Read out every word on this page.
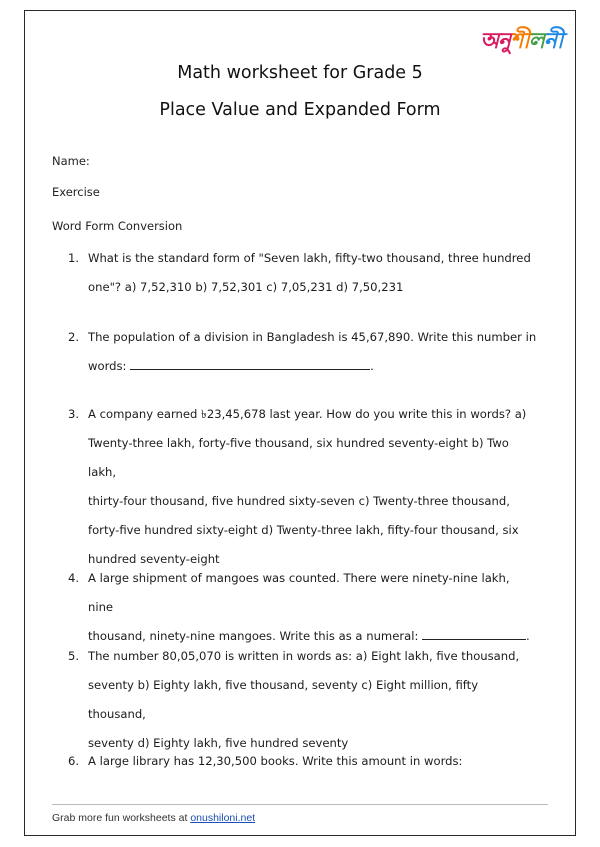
অনুশীলনী
Math worksheet for Grade 5
Place Value and Expanded Form
Name:
Exercise
Word Form Conversion
1. What is the standard form of "Seven lakh, fifty-two thousand, three hundred
one"? a) 7,52,310 b) 7,52,301 c) 7,05,231 d) 7,50,231
2. The population of a division in Bangladesh is 45,67,890. Write this number in
words:	.
3. A company earned ৳23,45,678 last year. How do you write this in words? a)
Twenty-three lakh, forty-five thousand, six hundred seventy-eight b) Two lakh,
thirty-four thousand, five hundred sixty-seven c) Twenty-three thousand,
forty-five hundred sixty-eight d) Twenty-three lakh, fifty-four thousand, six
hundred seventy-eight
4. A large shipment of mangoes was counted. There were ninety-nine lakh, nine
thousand, ninety-nine mangoes. Write this as a numeral:	.
5. The number 80,05,070 is written in words as: a) Eight lakh, five thousand,
seventy b) Eighty lakh, five thousand, seventy c) Eight million, fifty thousand,
seventy d) Eighty lakh, five hundred seventy
6. A large library has 12,30,500 books. Write this amount in words:
Grab more fun worksheets at onushiloni.net
